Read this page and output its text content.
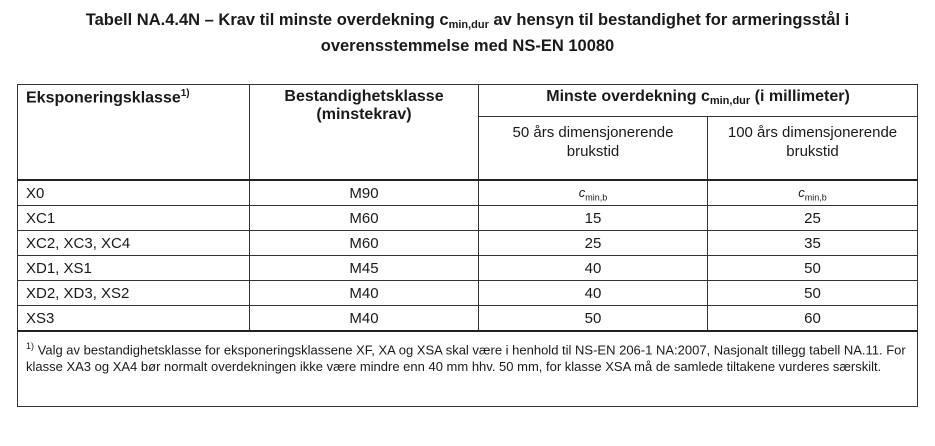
Tabell NA.4.4N – Krav til minste overdekning $c_{min,dur}$ av hensyn til bestandighet for armeringsstål i
overensstemmelse med NS-EN 10080
Eksponeringsklasse$^{1)}$	Bestandighetsklasse (minstekrav)	Minste overdekning $c_{min,dur}$ (i millimeter)	
		50 års dimensjonerende brukstid	100 års dimensjonerende brukstid
X0	M90	$c_{min,b}$	$c_{min,b}$
XC1	M60	15	25
XC2, XC3, XC4	M60	25	35
XD1, XS1	M45	40	50
XD2, XD3, XS2	M40	40	50
XS3	M40	50	60
$^{1)}$ Valg av bestandighetsklasse for eksponeringsklassene XF, XA og XSA skal være i henhold til NS-EN 206-1 NA:2007, Nasjonalt tillegg tabell NA.11. For klasse XA3 og XA4 bør normalt overdekningen ikke være mindre enn 40 mm hhv. 50 mm, for klasse XSA må de samlede tiltakene vurderes særskilt.			
